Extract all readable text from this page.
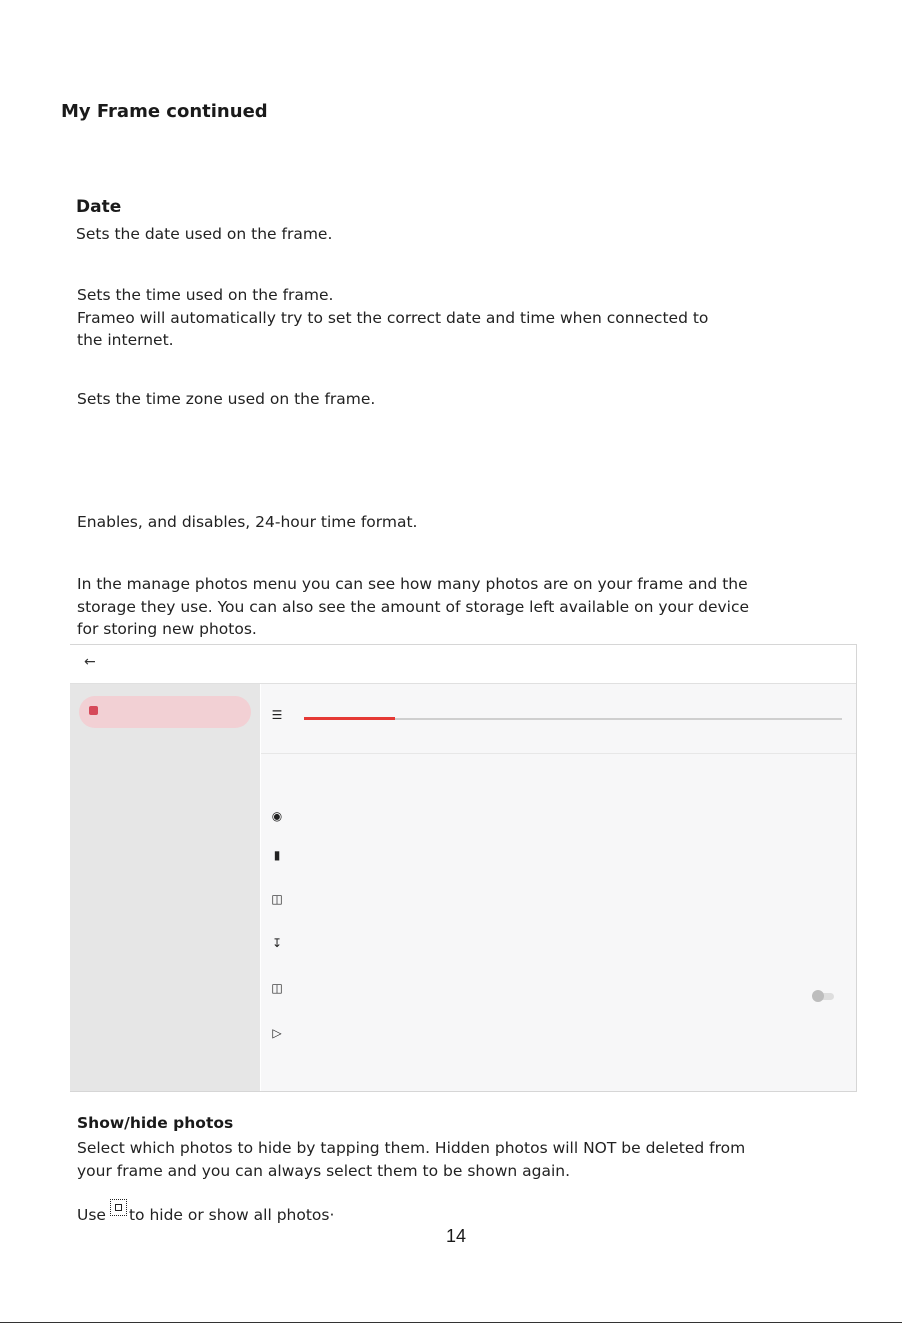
My Frame continued

Date

Sets the date used on the frame.

Sets the time used on the frame.

Frameo will automatically try to set the correct date and time when connected to

the internet.

Sets the time zone used on the frame.

Enables, and disables, 24-hour time format.

In the manage photos menu you can see how many photos are on your frame and the

storage they use. You can also see the amount of storage left available on your device

for storing new photos.

←
☰
◉
▮
◫
↧
◫
▷

Show/hide photos

Select which photos to hide by tapping them. Hidden photos will NOT be deleted from

your frame and you can always select them to be shown again.

Use to hide or show all photos·

14
